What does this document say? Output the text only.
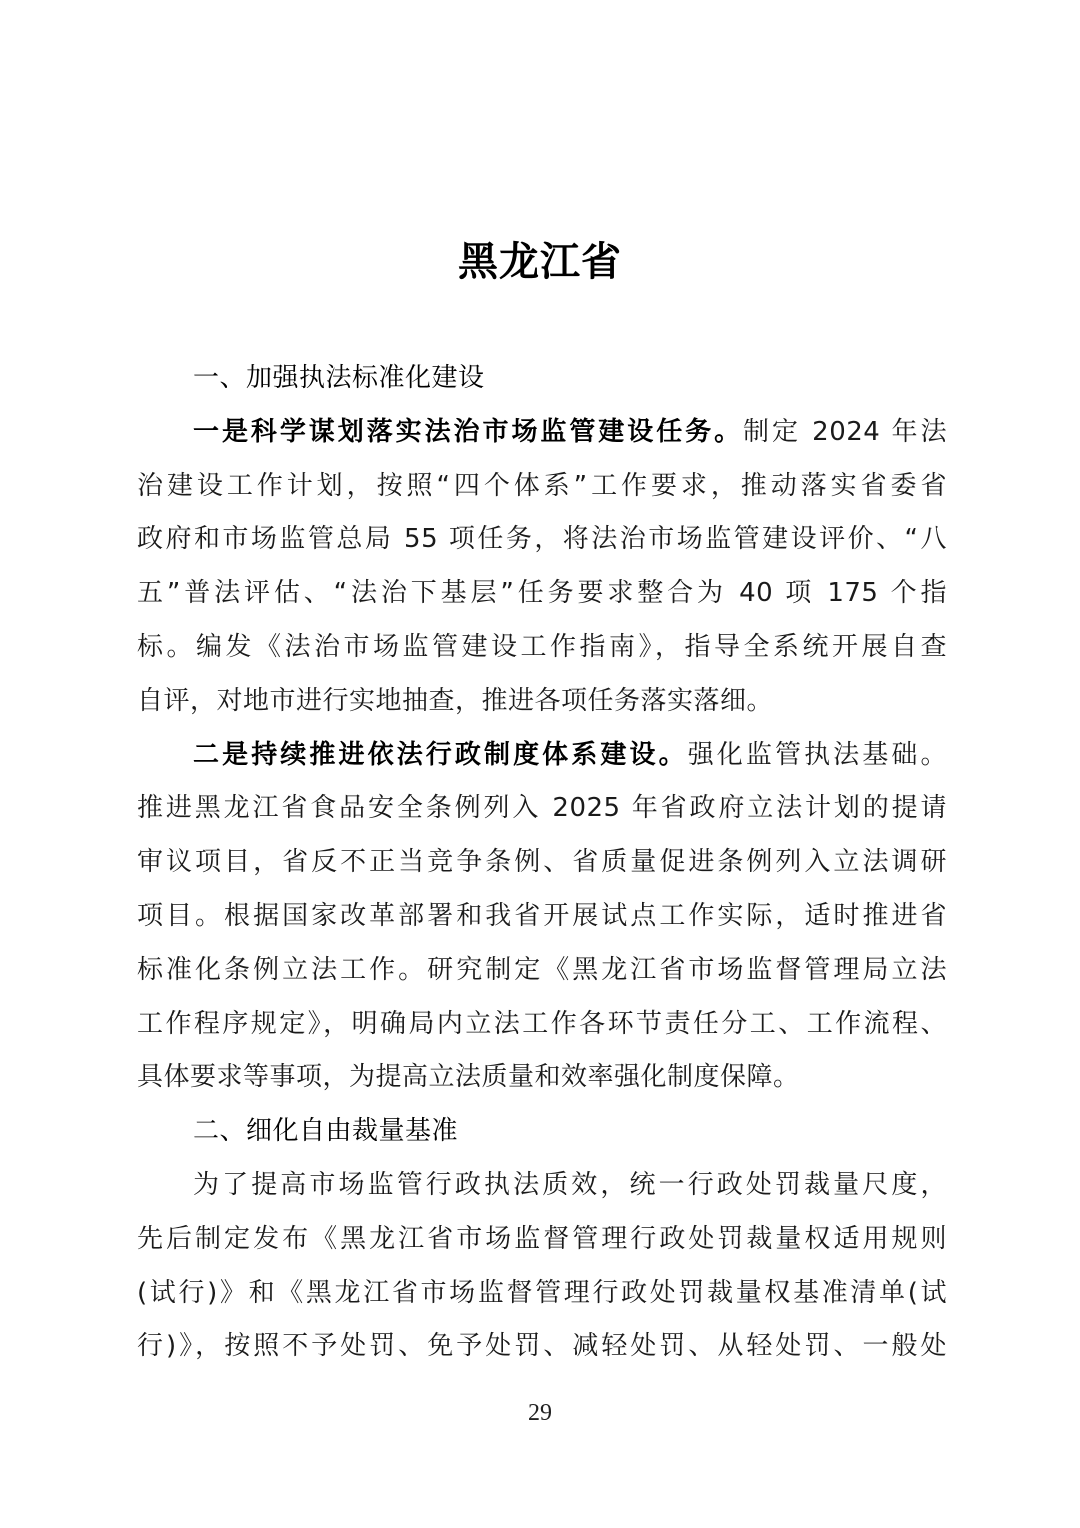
黑龙江省
一、加强执法标准化建设
一是科学谋划落实法治市场监管建设任务。制定 2024 年法
治建设工作计划，按照“四个体系”工作要求，推动落实省委省
政府和市场监管总局 55 项任务，将法治市场监管建设评价、“八
五”普法评估、“法治下基层”任务要求整合为 40 项 175 个指
标。编发《法治市场监管建设工作指南》，指导全系统开展自查
自评，对地市进行实地抽查，推进各项任务落实落细。
二是持续推进依法行政制度体系建设。强化监管执法基础。
推进黑龙江省食品安全条例列入 2025 年省政府立法计划的提请
审议项目，省反不正当竞争条例、省质量促进条例列入立法调研
项目。根据国家改革部署和我省开展试点工作实际，适时推进省
标准化条例立法工作。研究制定《黑龙江省市场监督管理局立法
工作程序规定》，明确局内立法工作各环节责任分工、工作流程、
具体要求等事项，为提高立法质量和效率强化制度保障。
二、细化自由裁量基准
为了提高市场监管行政执法质效，统一行政处罚裁量尺度，
先后制定发布《黑龙江省市场监督管理行政处罚裁量权适用规则
(试行)》和《黑龙江省市场监督管理行政处罚裁量权基准清单(试
行)》，按照不予处罚、免予处罚、减轻处罚、从轻处罚、一般处
29
